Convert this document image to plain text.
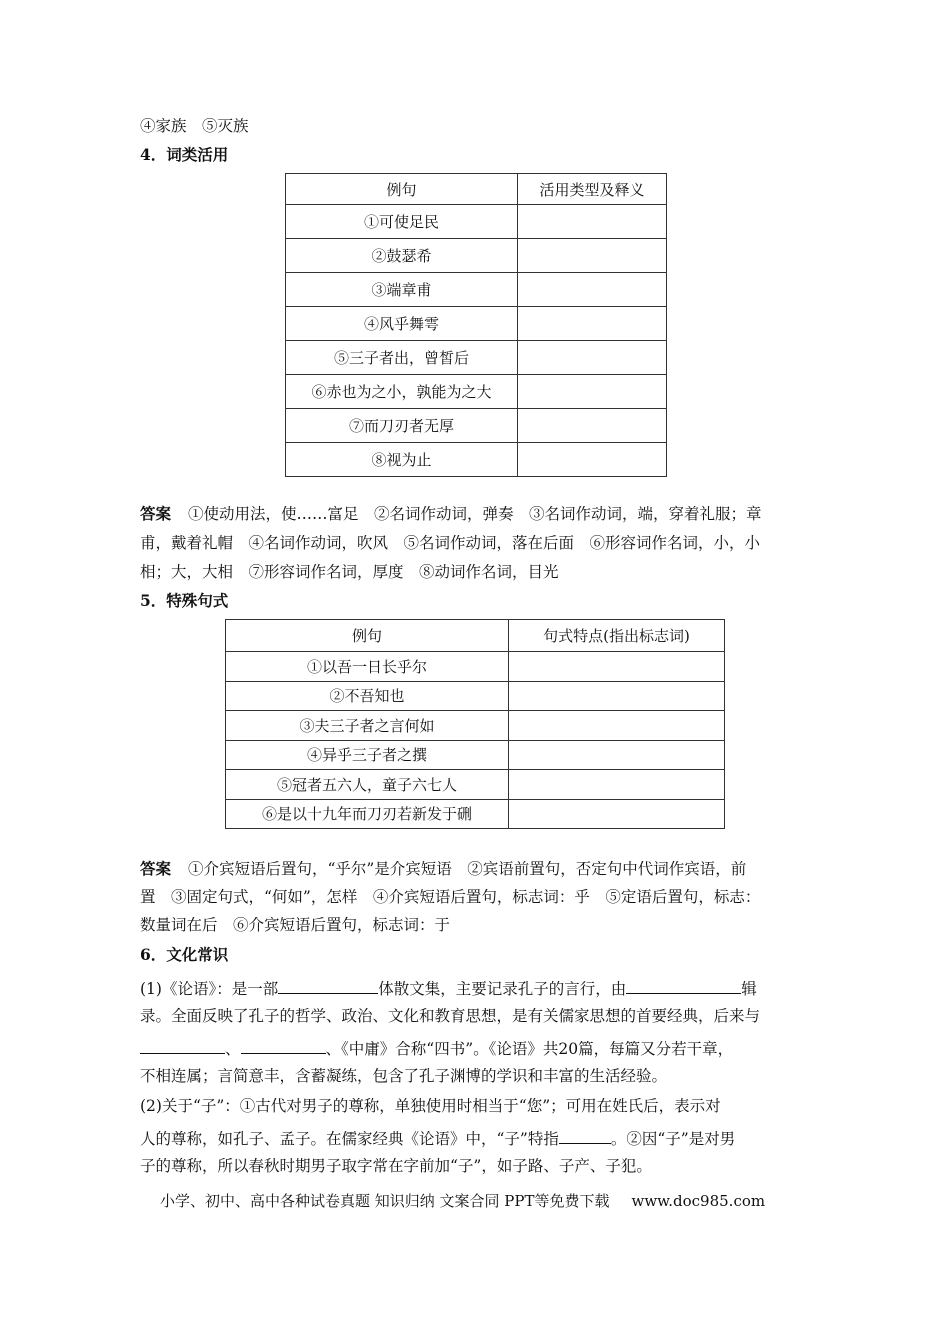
④家族　⑤灭族
4．词类活用
例句	活用类型及释义
①可使足民	
②鼓瑟希	
③端章甫	
④风乎舞雩	
⑤三子者出，曾皙后	
⑥赤也为之小，孰能为之大	
⑦而刀刃者无厚	
⑧视为止	
答案 ①使动用法，使……富足　②名词作动词，弹奏　③名词作动词，端，穿着礼服；章
甫，戴着礼帽　④名词作动词，吹风　⑤名词作动词，落在后面　⑥形容词作名词，小，小
相；大，大相　⑦形容词作名词，厚度　⑧动词作名词，目光
5．特殊句式
例句	句式特点(指出标志词)
①以吾一日长乎尔	
②不吾知也	
③夫三子者之言何如	
④异乎三子者之撰	
⑤冠者五六人，童子六七人	
⑥是以十九年而刀刃若新发于硎	
答案 ①介宾短语后置句，“乎尔”是介宾短语　②宾语前置句，否定句中代词作宾语，前
置　③固定句式，“何如”，怎样　④介宾短语后置句，标志词：乎　⑤定语后置句，标志：
数量词在后　⑥介宾短语后置句，标志词：于
6．文化常识
(1)《论语》：是一部	体散文集，主要记录孔子的言行，由	辑
录。全面反映了孔子的哲学、政治、文化和教育思想，是有关儒家思想的首要经典，后来与
、	、《中庸》合称“四书”。《论语》共20篇，每篇又分若干章，
不相连属；言简意丰，含蓄凝练，包含了孔子渊博的学识和丰富的生活经验。
(2)关于“子”：①古代对男子的尊称，单独使用时相当于“您”；可用在姓氏后，表示对
人的尊称，如孔子、孟子。在儒家经典《论语》中，“子”特指	。②因“子”是对男
子的尊称，所以春秋时期男子取字常在字前加“子”，如子路、子产、子犯。
小学、初中、高中各种试卷真题 知识归纳 文案合同 PPT等免费下载 www.doc985.com
